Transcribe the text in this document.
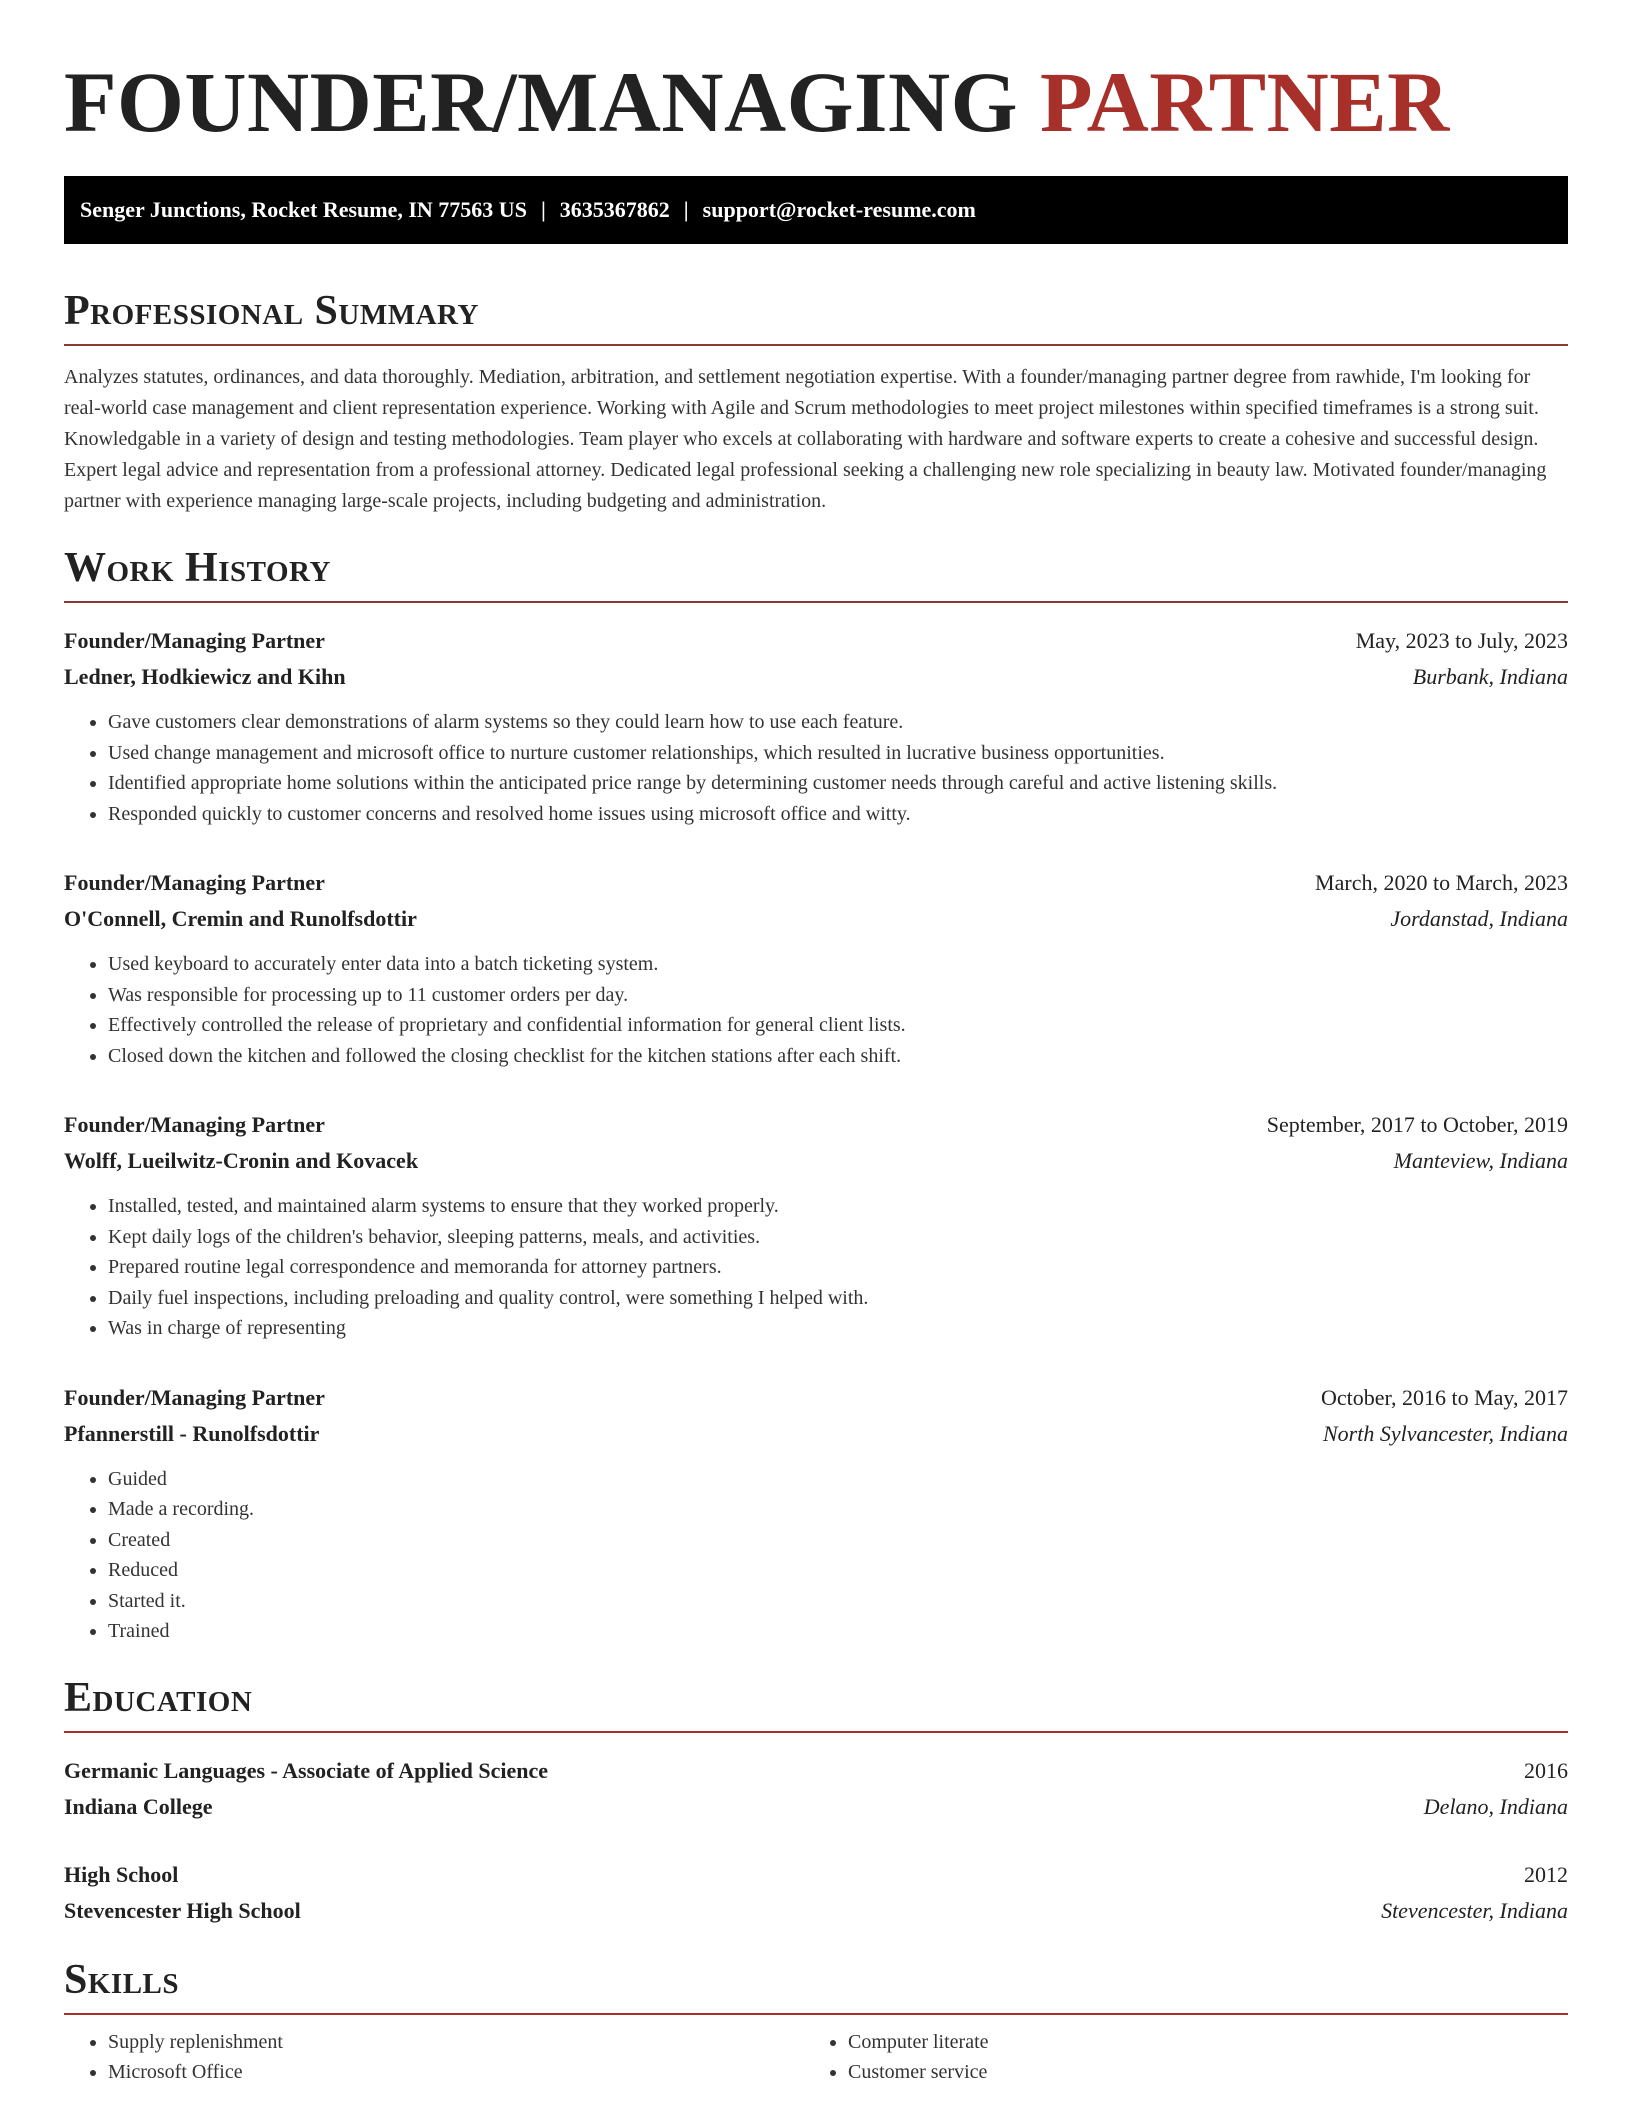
FOUNDER/MANAGING PARTNER
Senger Junctions, Rocket Resume, IN 77563 US | 3635367862 | support@rocket-resume.com
Professional Summary

Analyzes statutes, ordinances, and data thoroughly. Mediation, arbitration, and settlement negotiation expertise. With a founder/managing partner degree from rawhide, I'm looking for real-world case management and client representation experience. Working with Agile and Scrum methodologies to meet project milestones within specified timeframes is a strong suit. Knowledgable in a variety of design and testing methodologies. Team player who excels at collaborating with hardware and software experts to create a cohesive and successful design. Expert legal advice and representation from a professional attorney. Dedicated legal professional seeking a challenging new role specializing in beauty law. Motivated founder/managing partner with experience managing large-scale projects, including budgeting and administration.

Work History
Founder/Managing Partner	May, 2023 to July, 2023
Ledner, Hodkiewicz and Kihn	Burbank, Indiana
• Gave customers clear demonstrations of alarm systems so they could learn how to use each feature.
• Used change management and microsoft office to nurture customer relationships, which resulted in lucrative business opportunities.
• Identified appropriate home solutions within the anticipated price range by determining customer needs through careful and active listening skills.
• Responded quickly to customer concerns and resolved home issues using microsoft office and witty.
Founder/Managing Partner	March, 2020 to March, 2023
O'Connell, Cremin and Runolfsdottir	Jordanstad, Indiana
• Used keyboard to accurately enter data into a batch ticketing system.
• Was responsible for processing up to 11 customer orders per day.
• Effectively controlled the release of proprietary and confidential information for general client lists.
• Closed down the kitchen and followed the closing checklist for the kitchen stations after each shift.
Founder/Managing Partner	September, 2017 to October, 2019
Wolff, Lueilwitz-Cronin and Kovacek	Manteview, Indiana
• Installed, tested, and maintained alarm systems to ensure that they worked properly.
• Kept daily logs of the children's behavior, sleeping patterns, meals, and activities.
• Prepared routine legal correspondence and memoranda for attorney partners.
• Daily fuel inspections, including preloading and quality control, were something I helped with.
• Was in charge of representing
Founder/Managing Partner	October, 2016 to May, 2017
Pfannerstill - Runolfsdottir	North Sylvancester, Indiana
• Guided
• Made a recording.
• Created
• Reduced
• Started it.
• Trained
Education
Germanic Languages - Associate of Applied Science	2016
Indiana College	Delano, Indiana
High School	2012
Stevencester High School	Stevencester, Indiana
Skills
• Supply replenishment
• Microsoft Office
• Computer literate
• Customer service
